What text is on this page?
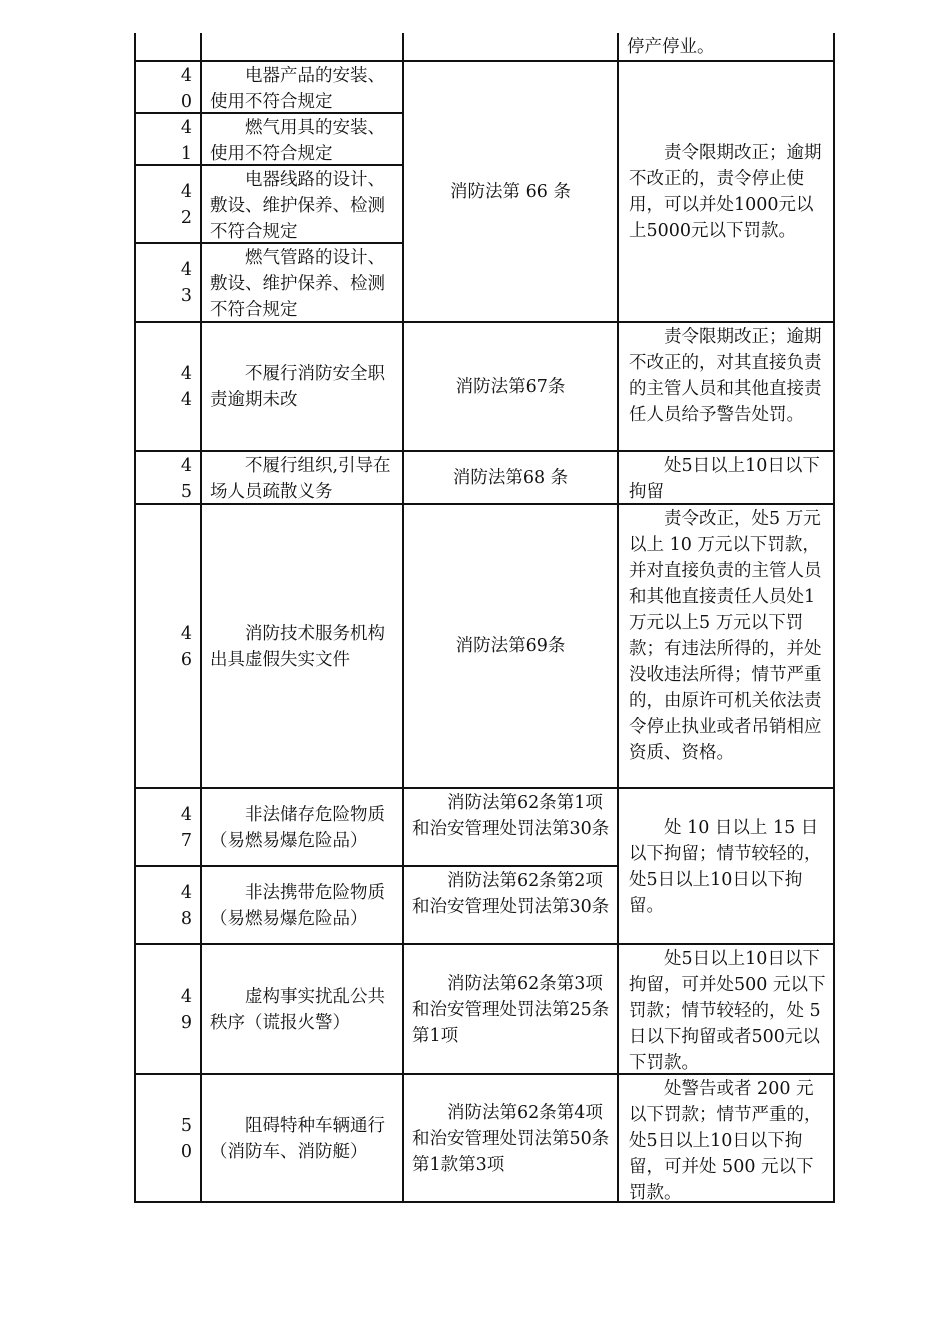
停产停业。
4
0
电器产品的安装、使用不符合规定
4
1
燃气用具的安装、使用不符合规定
4
2
电器线路的设计、敷设、维护保养、检测不符合规定
4
3
燃气管路的设计、敷设、维护保养、检测不符合规定
消防法第 66 条
责令限期改正；逾期不改正的，责令停止使用，可以并处1000元以上5000元以下罚款。
4
4
不履行消防安全职责逾期未改
消防法第67条
责令限期改正；逾期不改正的，对其直接负责的主管人员和其他直接责任人员给予警告处罚。
4
5
不履行组织,引导在场人员疏散义务
消防法第68 条
处5日以上10日以下拘留
4
6
消防技术服务机构出具虚假失实文件
消防法第69条
责令改正，处5 万元以上 10 万元以下罚款，并对直接负责的主管人员和其他直接责任人员处1 万元以上5 万元以下罚款；有违法所得的，并处没收违法所得；情节严重的，由原许可机关依法责令停止执业或者吊销相应资质、资格。
4
7
非法储存危险物质（易燃易爆危险品）
消防法第62条第1项和治安管理处罚法第30条
4
8
非法携带危险物质（易燃易爆危险品）
消防法第62条第2项和治安管理处罚法第30条
处 10 日以上 15 日以下拘留；情节较轻的，处5日以上10日以下拘留。
4
9
虚构事实扰乱公共秩序（谎报火警）
消防法第62条第3项和治安管理处罚法第25条第1项
处5日以上10日以下拘留，可并处500 元以下罚款；情节较轻的，处 5 日以下拘留或者500元以下罚款。
5
0
阻碍特种车辆通行（消防车、消防艇）
消防法第62条第4项和治安管理处罚法第50条第1款第3项
处警告或者 200 元以下罚款；情节严重的，处5日以上10日以下拘留，可并处 500 元以下罚款。
